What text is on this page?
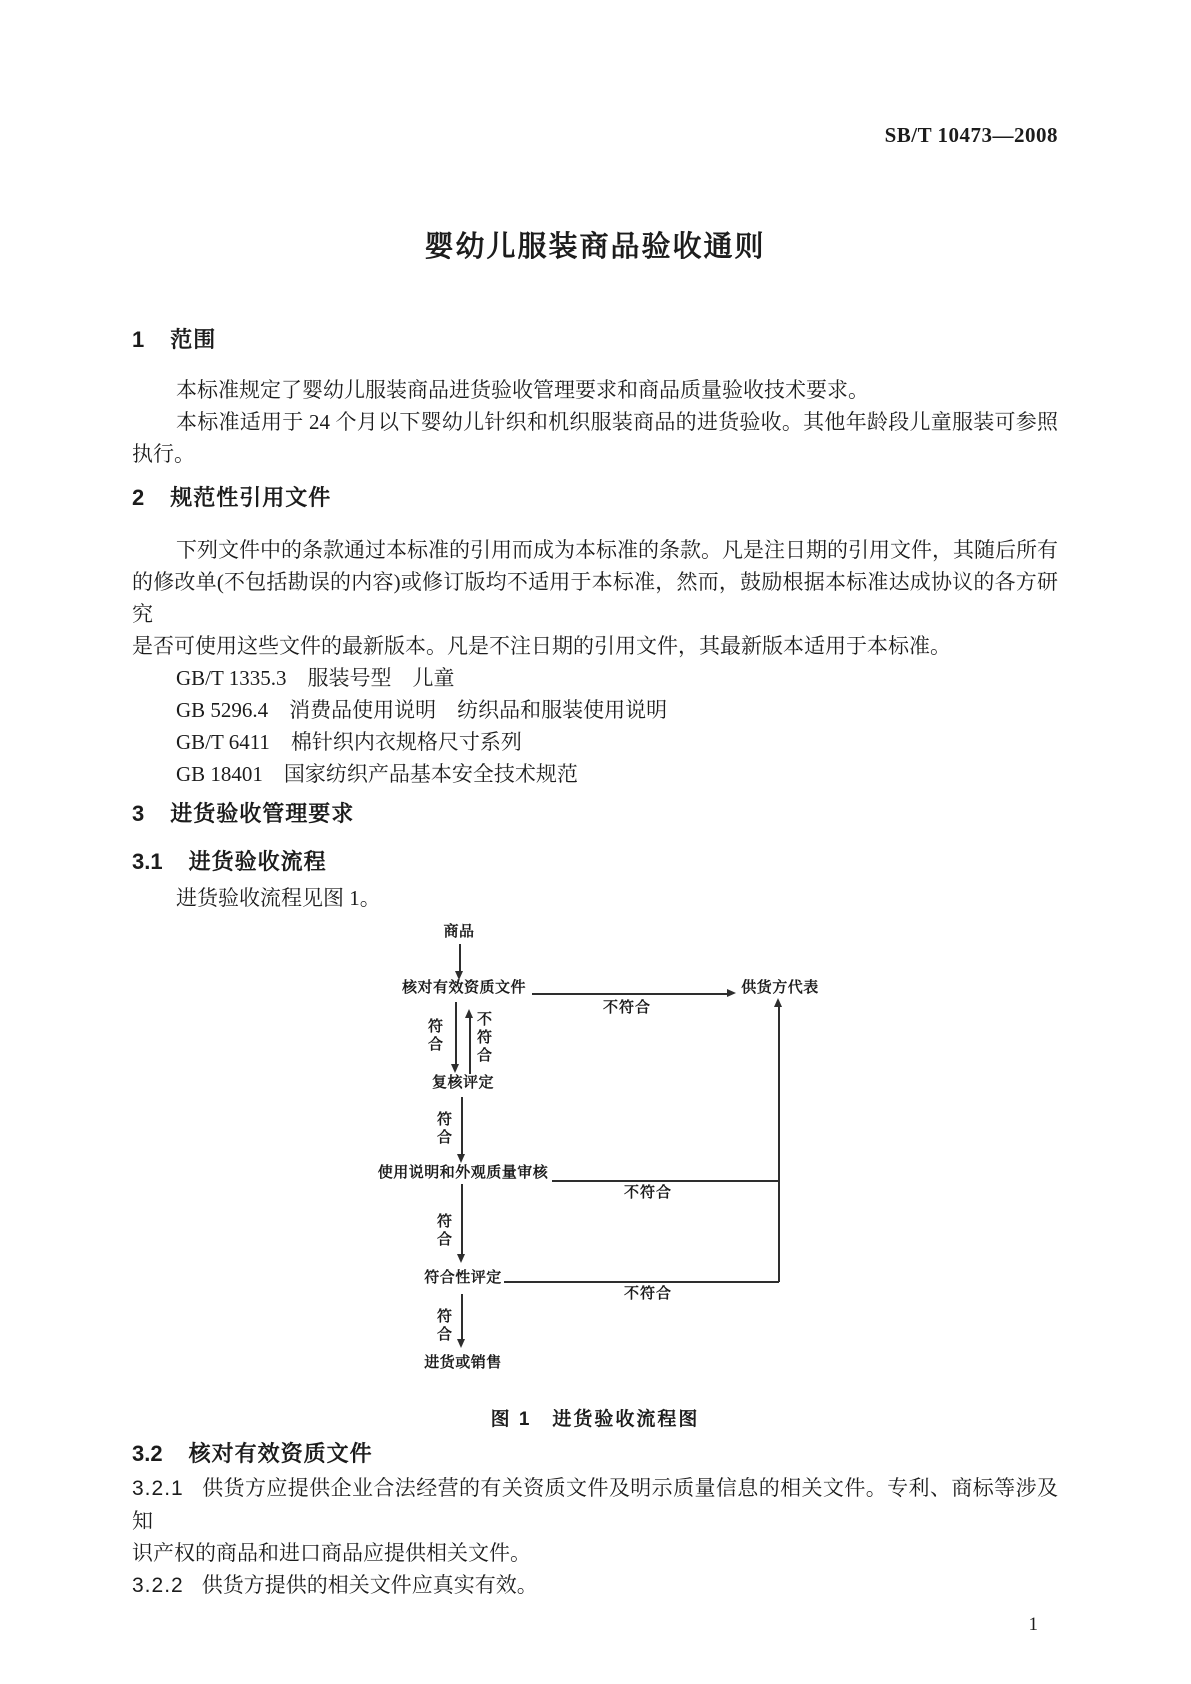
SB/T 10473—2008
婴幼儿服装商品验收通则
1 范围

本标准规定了婴幼儿服装商品进货验收管理要求和商品质量验收技术要求。

本标准适用于 24 个月以下婴幼儿针织和机织服装商品的进货验收。其他年龄段儿童服装可参照

执行。

2 规范性引用文件

下列文件中的条款通过本标准的引用而成为本标准的条款。凡是注日期的引用文件，其随后所有

的修改单(不包括勘误的内容)或修订版均不适用于本标准，然而，鼓励根据本标准达成协议的各方研究

是否可使用这些文件的最新版本。凡是不注日期的引用文件，其最新版本适用于本标准。

GB/T 1335.3　服装号型　儿童

GB 5296.4　消费品使用说明　纺织品和服装使用说明

GB/T 6411　棉针织内衣规格尺寸系列

GB 18401　国家纺织产品基本安全技术规范

3 进货验收管理要求
3.1 进货验收流程

进货验收流程见图 1。

商品
核对有效资质文件
不符合
供货方代表
符合 不符合
复核评定
符合
使用说明和外观质量审核
不符合
符合
符合性评定
不符合
符合
进货或销售
图 1　进货验收流程图
3.2 核对有效资质文件

3.2.1 供货方应提供企业合法经营的有关资质文件及明示质量信息的相关文件。专利、商标等涉及知

识产权的商品和进口商品应提供相关文件。

3.2.2 供货方提供的相关文件应真实有效。

1
